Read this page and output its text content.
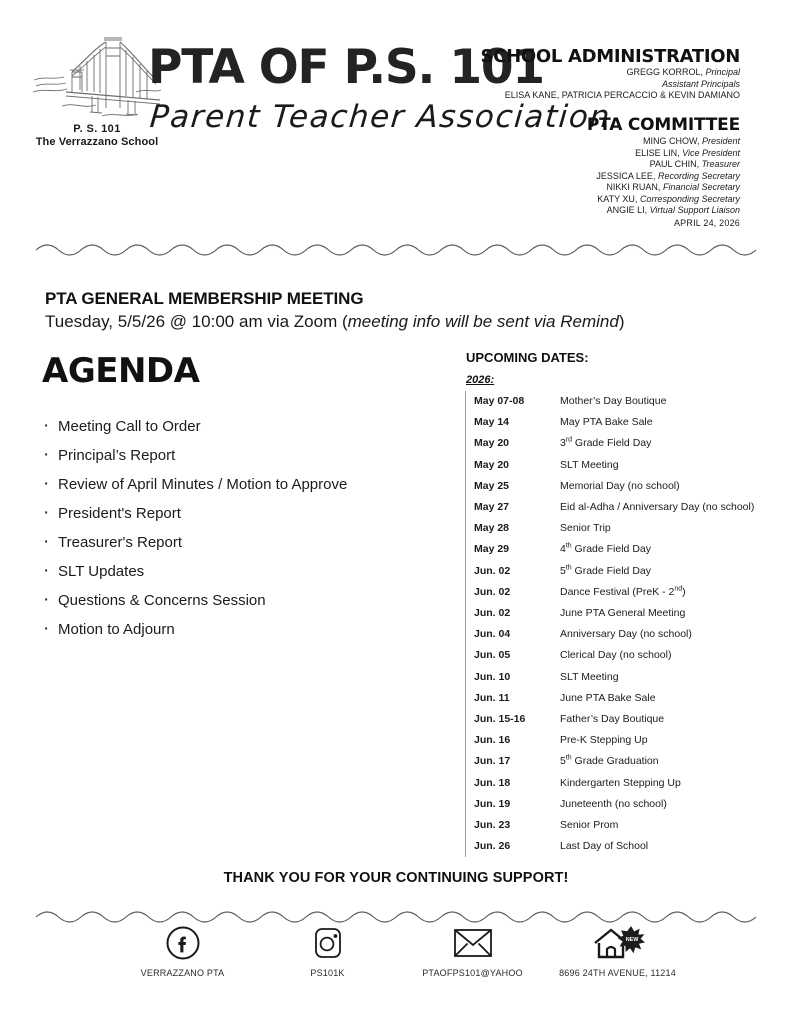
P. S. 101
The Verrazzano School
PTA OF P.S. 101
Parent Teacher Association
SCHOOL ADMINISTRATION
GREGG KORROL, Principal
Assistant Principals
ELISA KANE, PATRICIA PERCACCIO & KEVIN DAMIANO
PTA COMMITTEE
MING CHOW, President
ELISE LIN, Vice President
PAUL CHIN, Treasurer
JESSICA LEE, Recording Secretary
NIKKI RUAN, Financial Secretary
KATY XU, Corresponding Secretary
ANGIE LI, Virtual Support Liaison
APRIL 24, 2026
PTA GENERAL MEMBERSHIP MEETING
Tuesday, 5/5/26 @ 10:00 am via Zoom (meeting info will be sent via Remind)
AGENDA
· Meeting Call to Order
· Principal’s Report
· Review of April Minutes / Motion to Approve
· President's Report
· Treasurer's Report
· SLT Updates
· Questions & Concerns Session
· Motion to Adjourn
UPCOMING DATES:
2026:
May 07-08	Mother’s Day Boutique
May 14	May PTA Bake Sale
May 20	3rd Grade Field Day
May 20	SLT Meeting
May 25	Memorial Day (no school)
May 27	Eid al-Adha / Anniversary Day (no school)
May 28	Senior Trip
May 29	4th Grade Field Day
Jun. 02	5th Grade Field Day
Jun. 02	Dance Festival (PreK - 2nd)
Jun. 02	June PTA General Meeting
Jun. 04	Anniversary Day (no school)
Jun. 05	Clerical Day (no school)
Jun. 10	SLT Meeting
Jun. 11	June PTA Bake Sale
Jun. 15-16	Father’s Day Boutique
Jun. 16	Pre-K Stepping Up
Jun. 17	5th Grade Graduation
Jun. 18	Kindergarten Stepping Up
Jun. 19	Juneteenth (no school)
Jun. 23	Senior Prom
Jun. 26	Last Day of School
THANK YOU FOR YOUR CONTINUING SUPPORT!
VERRAZZANO PTA	PS101K	PTAOFPS101@YAHOO
NEW
8696 24TH AVENUE, 11214
